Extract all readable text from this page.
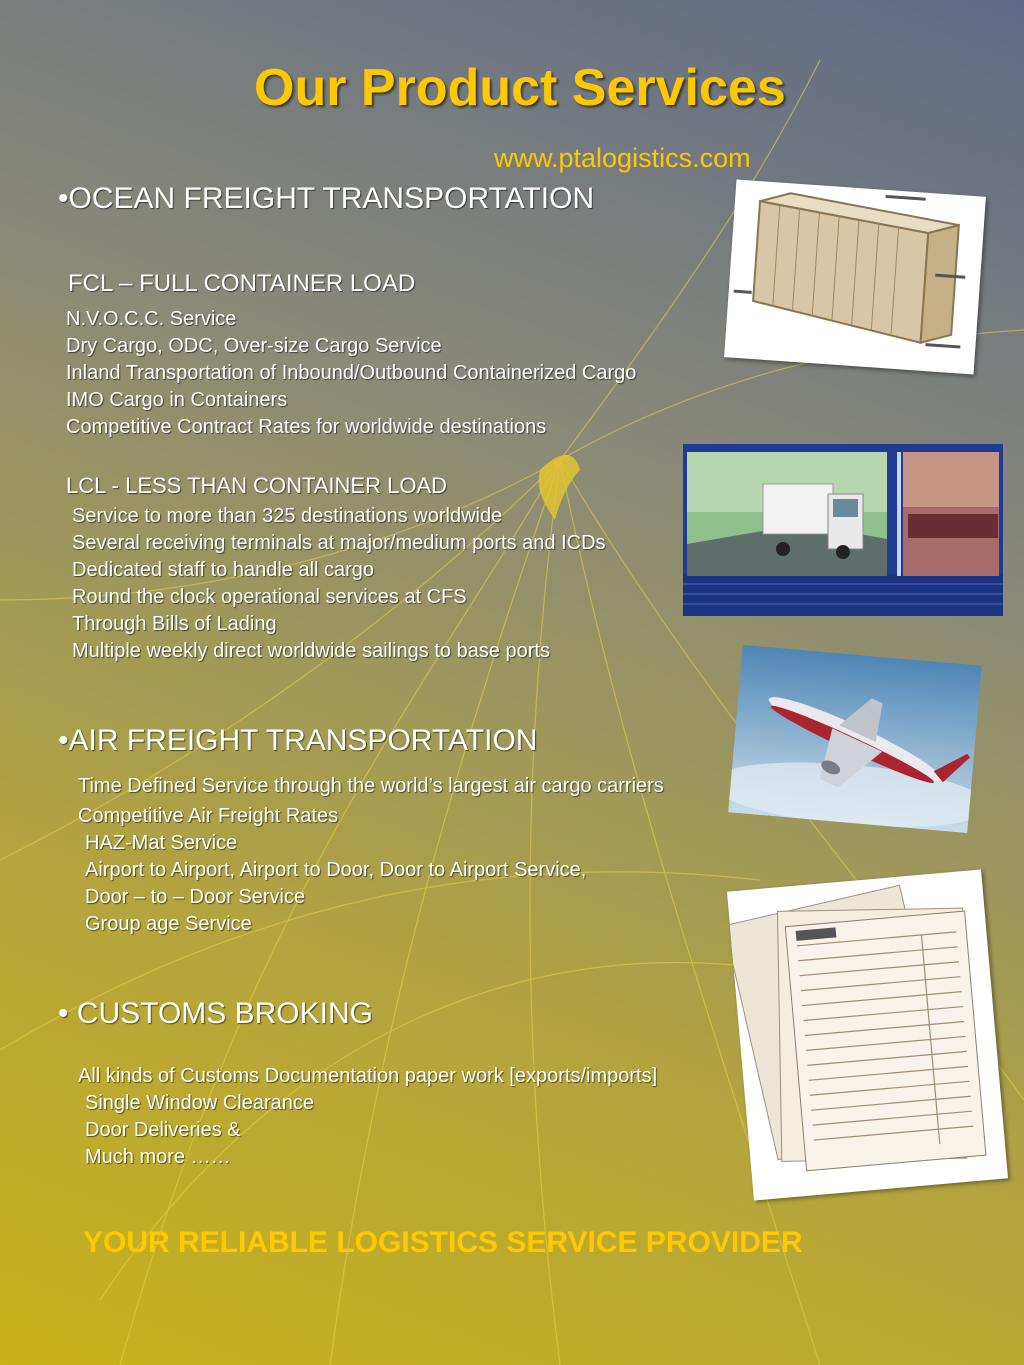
Our Product Services
www.ptalogistics.com
•OCEAN FREIGHT TRANSPORTATION
FCL – FULL CONTAINER LOAD
N.V.O.C.C. Service
Dry Cargo, ODC, Over-size Cargo Service
Inland Transportation of Inbound/Outbound Containerized Cargo
IMO Cargo in Containers
Competitive Contract Rates for worldwide destinations
LCL - LESS THAN CONTAINER LOAD
Service to more than 325 destinations worldwide
Several receiving terminals at major/medium ports and ICDs
Dedicated staff to handle all cargo
Round the clock operational services at CFS
Through Bills of Lading
Multiple weekly direct worldwide sailings to base ports
•AIR FREIGHT TRANSPORTATION
Time Defined Service through the world’s largest air cargo carriers
Competitive Air Freight Rates
HAZ-Mat Service
Airport to Airport, Airport to Door, Door to Airport Service,
Door – to – Door Service
Group age Service
• CUSTOMS BROKING
All kinds of Customs Documentation paper work [exports/imports]
Single Window Clearance
Door Deliveries &
Much more ……
YOUR RELIABLE LOGISTICS SERVICE PROVIDER
